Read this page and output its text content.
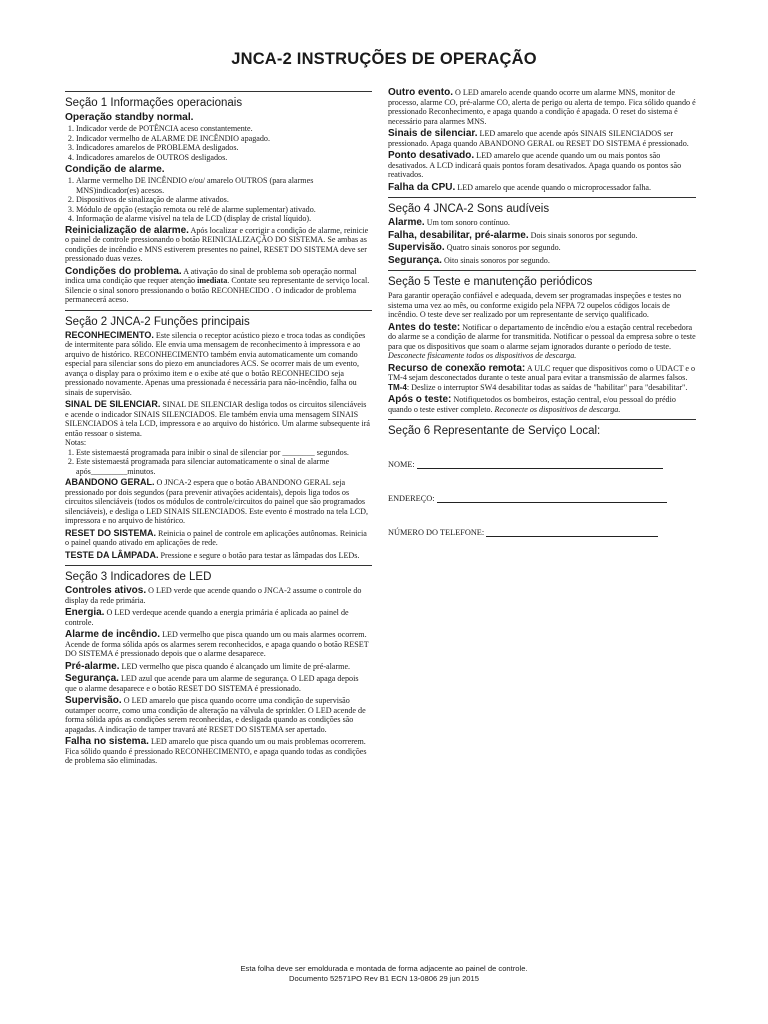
JNCA-2 INSTRUÇÕES DE OPERAÇÃO
Seção 1 Informações operacionais
Operação standby normal.
1. Indicador verde de POTÊNCIA aceso constantemente.
2. Indicador vermelho de ALARME DE INCÊNDIO apagado.
3. Indicadores amarelos de PROBLEMA desligados.
4. Indicadores amarelos de OUTROS desligados.
Condição de alarme.
1. Alarme vermelho DE INCÊNDIO e/ou/ amarelo OUTROS (para alarmes MNS)indicador(es) acesos.
2. Dispositivos de sinalização de alarme ativados.
3. Módulo de opção (estação remota ou relé de alarme suplementar) ativado.
4. Informação de alarme visível na tela de LCD (display de cristal líquido).

Reinicialização de alarme. Após localizar e corrigir a condição de alarme, reinicie o painel de controle pressionando o botão REINICIALIZAÇÃO DO SISTEMA. Se ambas as condições de incêndio e MNS estiverem presentes no painel, RESET DO SISTEMA deve ser pressionado duas vezes.

Condições do problema. A ativação do sinal de problema sob operação normal indica uma condição que requer atenção imediata. Contate seu representante de serviço local. Silencie o sinal sonoro pressionando o botão RECONHECIDO . O indicador de problema permanecerá aceso.

Seção 2 JNCA-2 Funções principais

RECONHECIMENTO. Este silencia o receptor acústico piezo e troca todas as condições de intermitente para sólido. Ele envia uma mensagem de reconhecimento à impressora e ao arquivo de histórico. RECONHECIMENTO também envia automaticamente um comando especial para silenciar sons do piezo em anunciadores ACS. Se ocorrer mais de um evento, avança o display para o próximo item e o exibe até que o botão RECONHECIDO seja pressionado novamente. Apenas uma pressionada é necessária para não-incêndio, falha ou sinais de supervisão.

SINAL DE SILENCIAR. SINAL DE SILENCIAR desliga todos os circuitos silenciáveis e acende o indicador SINAIS SILENCIADOS. Ele também envia uma mensagem SINAIS SILENCIADOS à tela LCD, impressora e ao arquivo do histórico. Um alarme subsequente irá então ressoar o sistema.

Notas:

1. Este sistemaestá programada para inibir o sinal de silenciar por ________ segundos.
2. Este sistemaestá programada para silenciar automaticamente o sinal de alarme após_________minutos.

ABANDONO GERAL. O JNCA-2 espera que o botão ABANDONO GERAL seja pressionado por dois segundos (para prevenir ativações acidentais), depois liga todos os circuitos silenciáveis (todos os módulos de controle/circuitos do painel que são programados silenciáveis), e desliga o LED SINAIS SILENCIADOS. Este evento é mostrado na tela LCD, impressora e no arquivo de histórico.

RESET DO SISTEMA. Reinicia o painel de controle em aplicações autônomas. Reinicia o painel quando ativado em aplicações de rede.

TESTE DA LÂMPADA. Pressione e segure o botão para testar as lâmpadas dos LEDs.

Seção 3 Indicadores de LED

Controles ativos. O LED verde que acende quando o JNCA-2 assume o controle do display da rede primária.

Energia. O LED verdeque acende quando a energia primária é aplicada ao painel de controle.

Alarme de incêndio. LED vermelho que pisca quando um ou mais alarmes ocorrem. Acende de forma sólida após os alarmes serem reconhecidos, e apaga quando o botão RESET DO SISTEMA é pressionado depois que o alarme desaparece.

Pré-alarme. LED vermelho que pisca quando é alcançado um limite de pré-alarme.

Segurança. LED azul que acende para um alarme de segurança. O LED apaga depois que o alarme desaparece e o botão RESET DO SISTEMA é pressionado.

Supervisão. O LED amarelo que pisca quando ocorre uma condição de supervisão outamper ocorre, como uma condição de alteração na válvula de sprinkler. O LED acende de forma sólida após as condições serem reconhecidas, e desligada quando as condições são apagadas. A indicação de tamper travará até RESET DO SISTEMA ser apertado.

Falha no sistema. LED amarelo que pisca quando um ou mais problemas ocorrerem. Fica sólido quando é pressionado RECONHECIMENTO, e apaga quando todas as condições de problema são eliminadas.

Outro evento. O LED amarelo acende quando ocorre um alarme MNS, monitor de processo, alarme CO, pré-alarme CO, alerta de perigo ou alerta de tempo. Fica sólido quando é pressionado Reconhecimento, e apaga quando a condição é apagada. O reset do sistema é necessário para alarmes MNS.

Sinais de silenciar. LED amarelo que acende após SINAIS SILENCIADOS ser pressionado. Apaga quando ABANDONO GERAL ou RESET DO SISTEMA é pressionado.

Ponto desativado. LED amarelo que acende quando um ou mais pontos são desativados. A LCD indicará quais pontos foram desativados. Apaga quando os pontos são reativados.

Falha da CPU. LED amarelo que acende quando o microprocessador falha.

Seção 4 JNCA-2 Sons audíveis

Alarme. Um tom sonoro contínuo.

Falha, desabilitar, pré-alarme. Dois sinais sonoros por segundo.

Supervisão. Quatro sinais sonoros por segundo.

Segurança. Oito sinais sonoros por segundo.

Seção 5 Teste e manutenção periódicos

Para garantir operação confiável e adequada, devem ser programadas inspeções e testes no sistema uma vez ao mês, ou conforme exigido pela NFPA 72 oupelos códigos locais de incêndio. O teste deve ser realizado por um representante de serviço qualificado.

Antes do teste: Notificar o departamento de incêndio e/ou a estação central recebedora do alarme se a condição de alarme for transmitida. Notificar o pessoal da empresa sobre o teste para que os dispositivos que soam o alarme sejam ignorados durante o período de teste. Desconecte fisicamente todos os dispositivos de descarga.

Recurso de conexão remota: A ULC requer que dispositivos como o UDACT e o TM-4 sejam desconectados durante o teste anual para evitar a transmissão de alarmes falsos.

TM-4: Deslize o interruptor SW4 desabilitar todas as saídas de "habilitar" para "desabilitar".

Após o teste: Notifiquetodos os bombeiros, estação central, e/ou pessoal do prédio quando o teste estiver completo. Reconecte os dispositivos de descarga.

Seção 6 Representante de Serviço Local:
NOME:
ENDEREÇO:
NÚMERO DO TELEFONE:
Esta folha deve ser emoldurada e montada de forma adjacente ao painel de controle.
Documento 52571PO Rev B1 ECN 13-0806 29 jun 2015
